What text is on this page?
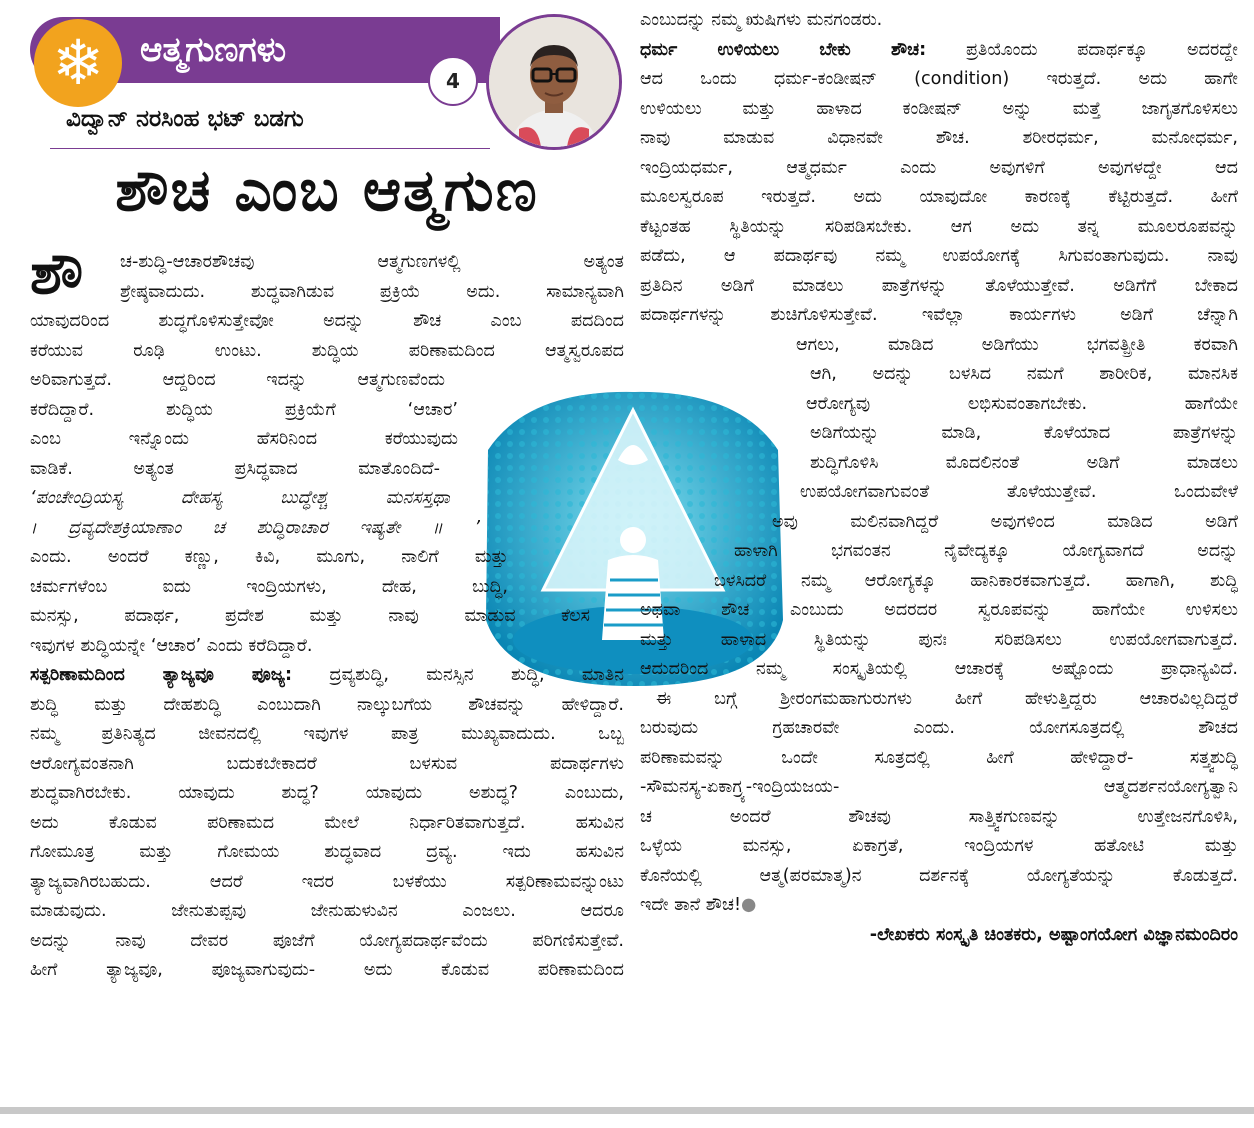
❄	ಆತ್ಮಗುಣಗಳು
4
ವಿದ್ವಾನ್ ನರಸಿಂಹ ಭಟ್ ಬಡಗು
ಶೌಚ ಎಂಬ ಆತ್ಮಗುಣ
ಶೌ	ಚ-ಶುದ್ಧಿ-ಆಚಾರಶೌಚವು ಆತ್ಮಗುಣಗಳಲ್ಲಿ ಅತ್ಯಂತ
ಶ್ರೇಷ್ಠವಾದುದು. ಶುದ್ಧವಾಗಿಡುವ ಪ್ರಕ್ರಿಯೆ ಅದು. ಸಾಮಾನ್ಯವಾಗಿ
ಯಾವುದರಿಂದ ಶುದ್ಧಗೊಳಿಸುತ್ತೇವೋ ಅದನ್ನು ಶೌಚ ಎಂಬ ಪದದಿಂದ
ಕರೆಯುವ ರೂಢಿ ಉಂಟು. ಶುದ್ಧಿಯ ಪರಿಣಾಮದಿಂದ ಆತ್ಮಸ್ವರೂಪದ
ಅರಿವಾಗುತ್ತದೆ. ಆದ್ದರಿಂದ ಇದನ್ನು ಆತ್ಮಗುಣವೆಂದು
ಕರೆದಿದ್ದಾರೆ. ಶುದ್ಧಿಯ ಪ್ರಕ್ರಿಯೆಗೆ ‘ಆಚಾರ’
ಎಂಬ ಇನ್ನೊಂದು ಹೆಸರಿನಿಂದ ಕರೆಯುವುದು
ವಾಡಿಕೆ. ಅತ್ಯಂತ ಪ್ರಸಿದ್ಧವಾದ ಮಾತೊಂದಿದೆ-
‘ಪಂಚೇಂದ್ರಿಯಸ್ಯ ದೇಹಸ್ಯ ಬುದ್ಧೇಶ್ಚ ಮನಸಸ್ತಥಾ
। ದ್ರವ್ಯದೇಶಕ್ರಿಯಾಣಾಂ ಚ ಶುದ್ಧಿರಾಚಾರ ಇಷ್ಯತೇ ॥ ’
ಎಂದು. ಅಂದರೆ ಕಣ್ಣು, ಕಿವಿ, ಮೂಗು, ನಾಲಿಗೆ ಮತ್ತು
ಚರ್ಮಗಳೆಂಬ ಐದು ಇಂದ್ರಿಯಗಳು, ದೇಹ, ಬುದ್ಧಿ,
ಮನಸ್ಸು, ಪದಾರ್ಥ, ಪ್ರದೇಶ ಮತ್ತು ನಾವು ಮಾಡುವ ಕೆಲಸ
ಇವುಗಳ ಶುದ್ಧಿಯನ್ನೇ ‘ಆಚಾರ’ ಎಂದು ಕರೆದಿದ್ದಾರೆ.
ಸತ್ಪರಿಣಾಮದಿಂದ ತ್ಯಾಜ್ಯವೂ ಪೂಜ್ಯ: ದ್ರವ್ಯಶುದ್ಧಿ, ಮನಸ್ಸಿನ ಶುದ್ಧಿ, ಮಾತಿನ
ಶುದ್ಧಿ ಮತ್ತು ದೇಹಶುದ್ಧಿ ಎಂಬುದಾಗಿ ನಾಲ್ಕುಬಗೆಯ ಶೌಚವನ್ನು ಹೇಳಿದ್ದಾರೆ.
ನಮ್ಮ ಪ್ರತಿನಿತ್ಯದ ಜೀವನದಲ್ಲಿ ಇವುಗಳ ಪಾತ್ರ ಮುಖ್ಯವಾದುದು. ಒಬ್ಬ
ಆರೋಗ್ಯವಂತನಾಗಿ ಬದುಕಬೇಕಾದರೆ ಬಳಸುವ ಪದಾರ್ಥಗಳು
ಶುದ್ಧವಾಗಿರಬೇಕು. ಯಾವುದು ಶುದ್ಧ? ಯಾವುದು ಅಶುದ್ಧ? ಎಂಬುದು,
ಅದು ಕೊಡುವ ಪರಿಣಾಮದ ಮೇಲೆ ನಿರ್ಧಾರಿತವಾಗುತ್ತದೆ. ಹಸುವಿನ
ಗೋಮೂತ್ರ ಮತ್ತು ಗೋಮಯ ಶುದ್ಧವಾದ ದ್ರವ್ಯ. ಇದು ಹಸುವಿನ
ತ್ಯಾಜ್ಯವಾಗಿರಬಹುದು. ಆದರೆ ಇದರ ಬಳಕೆಯು ಸತ್ಪರಿಣಾಮವನ್ನುಂಟು
ಮಾಡುವುದು. ಜೇನುತುಪ್ಪವು ಜೇನುಹುಳುವಿನ ಎಂಜಲು. ಆದರೂ
ಅದನ್ನು ನಾವು ದೇವರ ಪೂಜೆಗೆ ಯೋಗ್ಯಪದಾರ್ಥವೆಂದು ಪರಿಗಣಿಸುತ್ತೇವೆ.
ಹೀಗೆ ತ್ಯಾಜ್ಯವೂ, ಪೂಜ್ಯವಾಗುವುದು- ಅದು ಕೊಡುವ ಪರಿಣಾಮದಿಂದ
ಎಂಬುದನ್ನು ನಮ್ಮ ಋಷಿಗಳು ಮನಗಂಡರು.
ಧರ್ಮ ಉಳಿಯಲು ಬೇಕು ಶೌಚ: ಪ್ರತಿಯೊಂದು ಪದಾರ್ಥಕ್ಕೂ ಅದರದ್ದೇ
ಆದ ಒಂದು ಧರ್ಮ-ಕಂಡೀಷನ್ (condition) ಇರುತ್ತದೆ. ಅದು ಹಾಗೇ
ಉಳಿಯಲು ಮತ್ತು ಹಾಳಾದ ಕಂಡೀಷನ್ ಅನ್ನು ಮತ್ತೆ ಜಾಗೃತಗೊಳಿಸಲು
ನಾವು ಮಾಡುವ ವಿಧಾನವೇ ಶೌಚ. ಶರೀರಧರ್ಮ, ಮನೋಧರ್ಮ,
ಇಂದ್ರಿಯಧರ್ಮ, ಆತ್ಮಧರ್ಮ ಎಂದು ಅವುಗಳಿಗೆ ಅವುಗಳದ್ದೇ ಆದ
ಮೂಲಸ್ವರೂಪ ಇರುತ್ತದೆ. ಅದು ಯಾವುದೋ ಕಾರಣಕ್ಕೆ ಕೆಟ್ಟಿರುತ್ತದೆ. ಹೀಗೆ
ಕೆಟ್ಟಂತಹ ಸ್ಥಿತಿಯನ್ನು ಸರಿಪಡಿಸಬೇಕು. ಆಗ ಅದು ತನ್ನ ಮೂಲರೂಪವನ್ನು
ಪಡೆದು, ಆ ಪದಾರ್ಥವು ನಮ್ಮ ಉಪಯೋಗಕ್ಕೆ ಸಿಗುವಂತಾಗುವುದು. ನಾವು
ಪ್ರತಿದಿನ ಅಡಿಗೆ ಮಾಡಲು ಪಾತ್ರೆಗಳನ್ನು ತೊಳೆಯುತ್ತೇವೆ. ಅಡಿಗೆಗೆ ಬೇಕಾದ
ಪದಾರ್ಥಗಳನ್ನು ಶುಚಿಗೊಳಿಸುತ್ತೇವೆ. ಇವೆಲ್ಲಾ ಕಾರ್ಯಗಳು ಅಡಿಗೆ ಚೆನ್ನಾಗಿ
ಆಗಲು, ಮಾಡಿದ ಅಡಿಗೆಯು ಭಗವತ್ಪ್ರೀತಿ ಕರವಾಗಿ
ಆಗಿ, ಅದನ್ನು ಬಳಸಿದ ನಮಗೆ ಶಾರೀರಿಕ, ಮಾನಸಿಕ
ಆರೋಗ್ಯವು ಲಭಿಸುವಂತಾಗಬೇಕು. ಹಾಗೆಯೇ
ಅಡಿಗೆಯನ್ನು ಮಾಡಿ, ಕೊಳೆಯಾದ ಪಾತ್ರೆಗಳನ್ನು
ಶುದ್ಧಿಗೊಳಿಸಿ ಮೊದಲಿನಂತೆ ಅಡಿಗೆ ಮಾಡಲು
ಉಪಯೋಗವಾಗುವಂತೆ ತೊಳೆಯುತ್ತೇವೆ. ಒಂದುವೇಳೆ
ಅವು ಮಲಿನವಾಗಿದ್ದರೆ ಅವುಗಳಿಂದ ಮಾಡಿದ ಅಡಿಗೆ
ಹಾಳಾಗಿ ಭಗವಂತನ ನೈವೇದ್ಯಕ್ಕೂ ಯೋಗ್ಯವಾಗದೆ ಅದನ್ನು
ಬಳಸಿದರೆ ನಮ್ಮ ಆರೋಗ್ಯಕ್ಕೂ ಹಾನಿಕಾರಕವಾಗುತ್ತದೆ. ಹಾಗಾಗಿ, ಶುದ್ಧಿ
ಅಥವಾ ಶೌಚ ಎಂಬುದು ಅದರದರ ಸ್ವರೂಪವನ್ನು ಹಾಗೆಯೇ ಉಳಿಸಲು
ಮತ್ತು ಹಾಳಾದ ಸ್ಥಿತಿಯನ್ನು ಪುನಃ ಸರಿಪಡಿಸಲು ಉಪಯೋಗವಾಗುತ್ತದೆ.
ಆದುದರಿಂದ ನಮ್ಮ ಸಂಸ್ಕೃತಿಯಲ್ಲಿ ಆಚಾರಕ್ಕೆ ಅಷ್ಟೊಂದು ಪ್ರಾಧಾನ್ಯವಿದೆ.
ಈ ಬಗ್ಗೆ ಶ್ರೀರಂಗಮಹಾಗುರುಗಳು ಹೀಗೆ ಹೇಳುತ್ತಿದ್ದರು ಆಚಾರವಿಲ್ಲದಿದ್ದರೆ
ಬರುವುದು ಗ್ರಹಚಾರವೇ ಎಂದು. ಯೋಗಸೂತ್ರದಲ್ಲಿ ಶೌಚದ
ಪರಿಣಾಮವನ್ನು ಒಂದೇ ಸೂತ್ರದಲ್ಲಿ ಹೀಗೆ ಹೇಳಿದ್ದಾರೆ- ಸತ್ತ್ವಶುದ್ಧಿ
-ಸೌಮನಸ್ಯ-ಏಕಾಗ್ರ್ಯ-ಇಂದ್ರಿಯಜಯ- ಆತ್ಮದರ್ಶನಯೋಗ್ಯತ್ವಾನಿ
ಚ ಅಂದರೆ ಶೌಚವು ಸಾತ್ತ್ವಿಕಗುಣವನ್ನು ಉತ್ತೇಜನಗೊಳಿಸಿ,
ಒಳ್ಳೆಯ ಮನಸ್ಸು, ಏಕಾಗ್ರತೆ, ಇಂದ್ರಿಯಗಳ ಹತೋಟಿ ಮತ್ತು
ಕೊನೆಯಲ್ಲಿ ಆತ್ಮ(ಪರಮಾತ್ಮ)ನ ದರ್ಶನಕ್ಕೆ ಯೋಗ್ಯತೆಯನ್ನು ಕೊಡುತ್ತದೆ.
ಇದೇ ತಾನೆ ಶೌಚ!●
-ಲೇಖಕರು ಸಂಸ್ಕೃತಿ ಚಿಂತಕರು, ಅಷ್ಟಾಂಗಯೋಗ ವಿಜ್ಞಾನಮಂದಿರಂ
